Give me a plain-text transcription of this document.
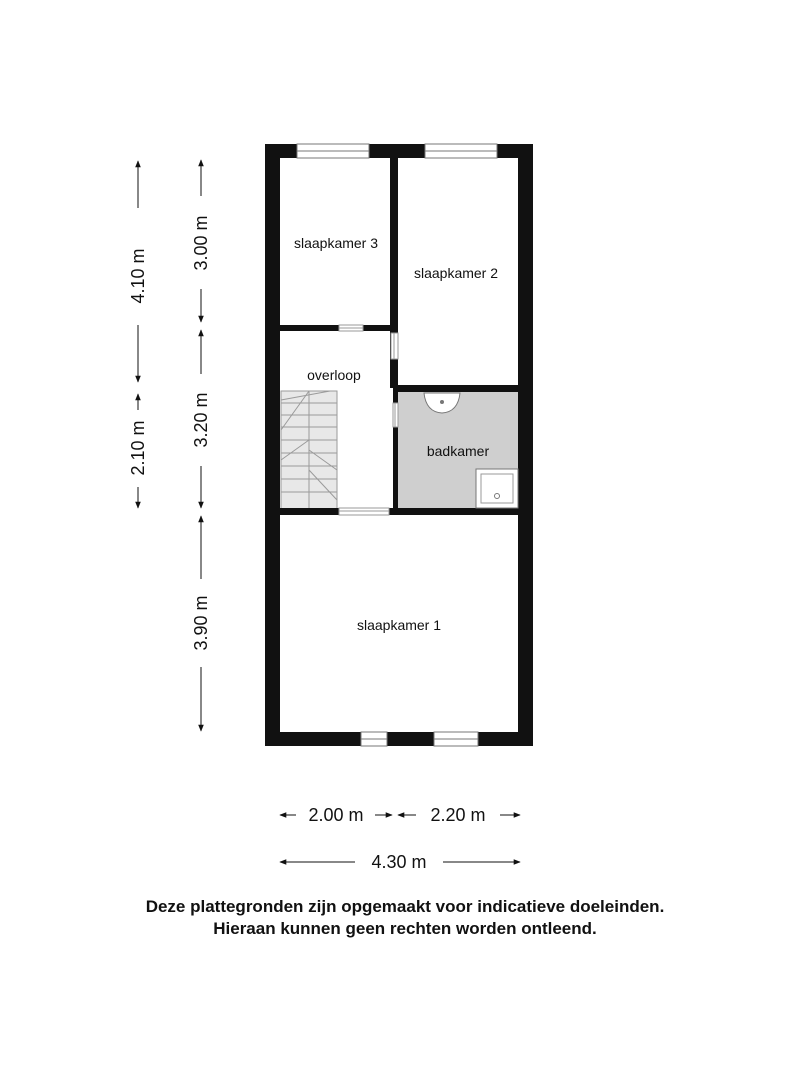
slaapkamer 3
slaapkamer 2
overloop
badkamer
slaapkamer 1
4.10 m
2.10 m
3.00 m
3.20 m
3.90 m
2.00 m	2.20 m
4.30 m
Deze plattegronden zijn opgemaakt voor indicatieve doeleinden.
Hieraan kunnen geen rechten worden ontleend.
